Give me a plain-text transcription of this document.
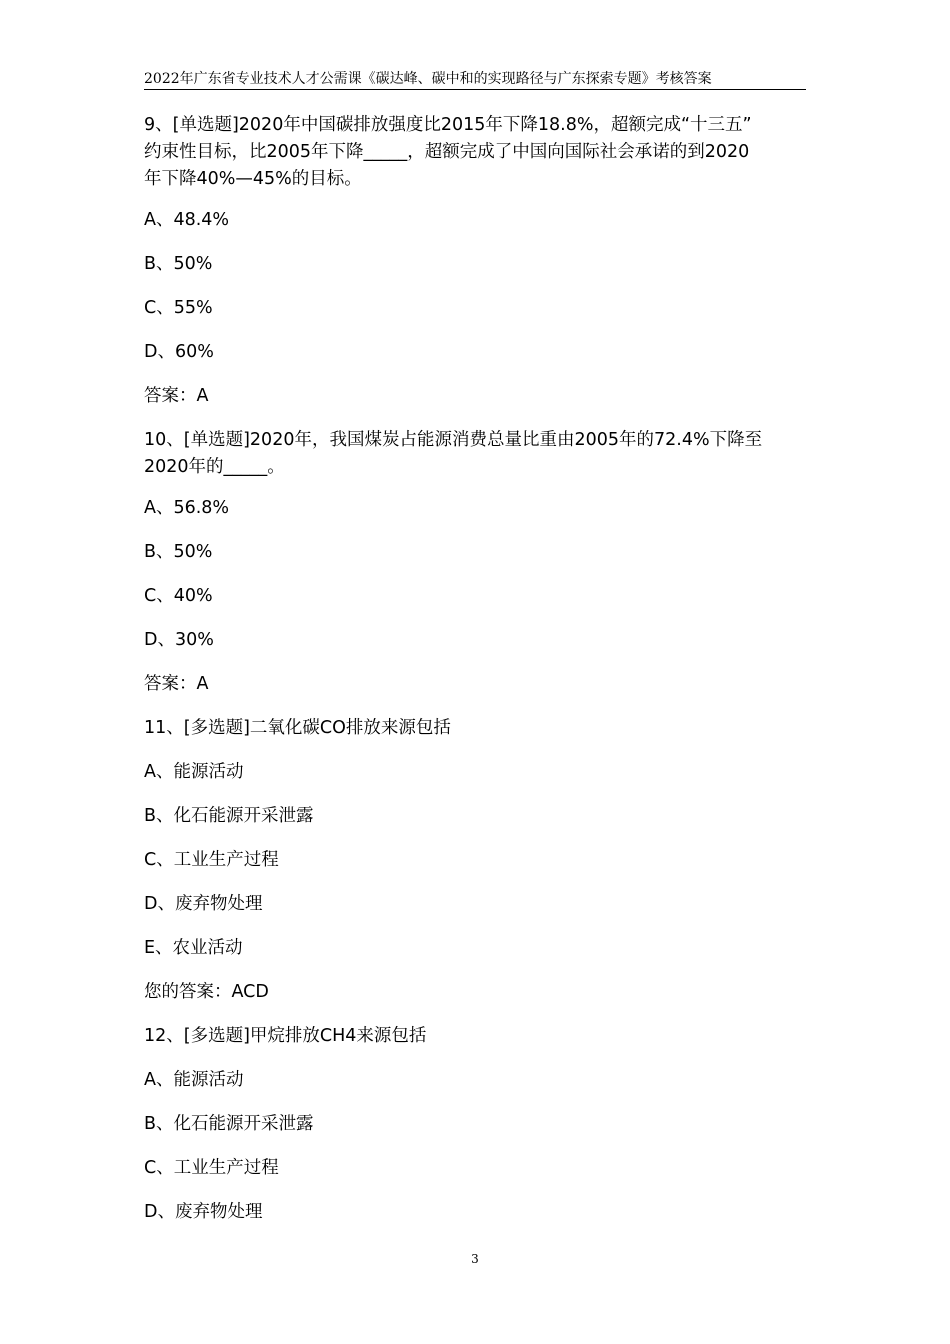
2022年广东省专业技术人才公需课《碳达峰、碳中和的实现路径与广东探索专题》考核答案
9、[单选题]2020年中国碳排放强度比2015年下降18.8%，超额完成“十三五”
约束性目标，比2005年下降_____，超额完成了中国向国际社会承诺的到2020
年下降40%—45%的目标。
A、48.4%
B、50%
C、55%
D、60%
答案：A
10、[单选题]2020年，我国煤炭占能源消费总量比重由2005年的72.4%下降至
2020年的_____。
A、56.8%
B、50%
C、40%
D、30%
答案：A
11、[多选题]二氧化碳CO排放来源包括
A、能源活动
B、化石能源开采泄露
C、工业生产过程
D、废弃物处理
E、农业活动
您的答案：ACD
12、[多选题]甲烷排放CH4来源包括
A、能源活动
B、化石能源开采泄露
C、工业生产过程
D、废弃物处理
3
